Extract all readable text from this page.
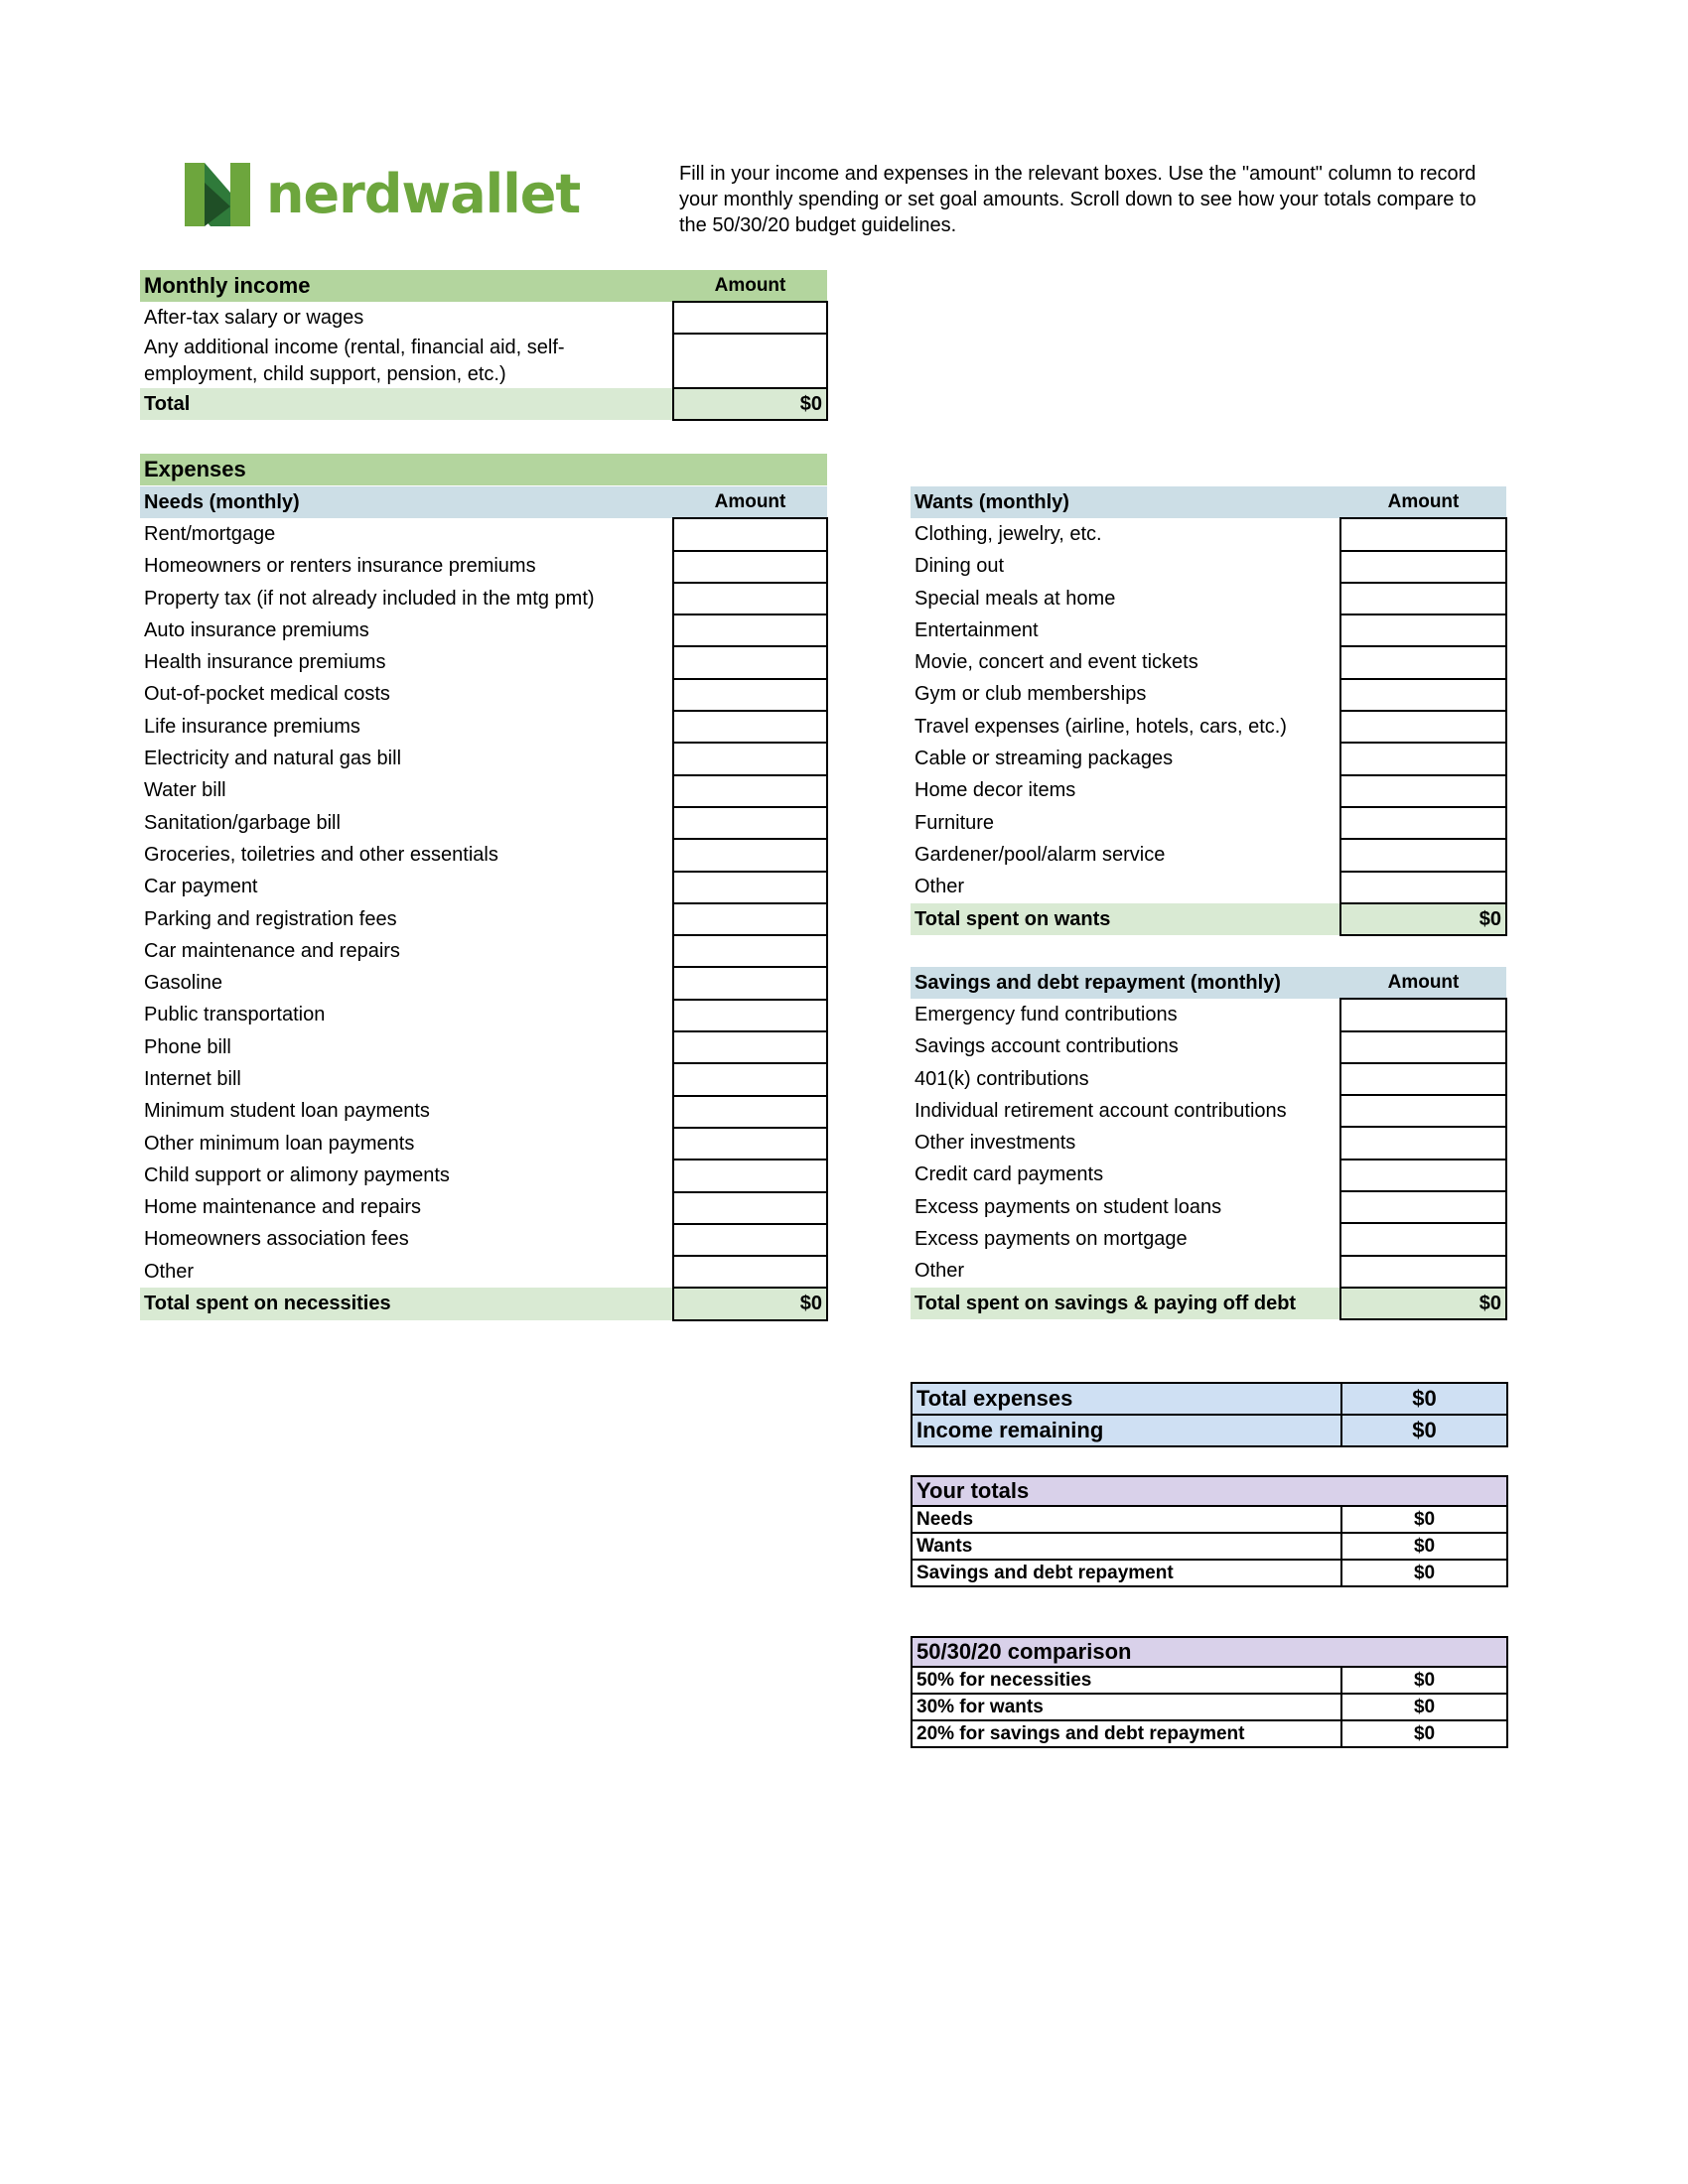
nerdwallet	Fill in your income and expenses in the relevant boxes. Use the "amount" column to record your monthly spending or set goal amounts. Scroll down to see how your totals compare to the 50/30/20 budget guidelines.
Monthly income	Amount
After-tax salary or wages	

Any additional income (rental, financial aid, self-
employment, child support, pension, etc.)	

Total	$0
Expenses
Needs (monthly)	Amount
Rent/mortgage	
Homeowners or renters insurance premiums	
Property tax (if not already included in the mtg pmt)	
Auto insurance premiums	
Health insurance premiums	
Out-of-pocket medical costs	
Life insurance premiums	
Electricity and natural gas bill	
Water bill	
Sanitation/garbage bill	
Groceries, toiletries and other essentials	
Car payment	
Parking and registration fees	
Car maintenance and repairs	
Gasoline	
Public transportation	
Phone bill	
Internet bill	
Minimum student loan payments	
Other minimum loan payments	
Child support or alimony payments	
Home maintenance and repairs	
Homeowners association fees	
Other	
Total spent on necessities	$0
Wants (monthly)	Amount
Clothing, jewelry, etc.	
Dining out	
Special meals at home	
Entertainment	
Movie, concert and event tickets	
Gym or club memberships	
Travel expenses (airline, hotels, cars, etc.)	
Cable or streaming packages	
Home decor items	
Furniture	
Gardener/pool/alarm service	
Other	
Total spent on wants	$0
Savings and debt repayment (monthly)	Amount
Emergency fund contributions	
Savings account contributions	
401(k) contributions	
Individual retirement account contributions	
Other investments	
Credit card payments	
Excess payments on student loans	
Excess payments on mortgage	
Other	
Total spent on savings & paying off debt	$0
Total expenses	$0
Income remaining	$0
Your totals	
Needs	$0
Wants	$0
Savings and debt repayment	$0
50/30/20 comparison	
50% for necessities	$0
30% for wants	$0
20% for savings and debt repayment	$0
